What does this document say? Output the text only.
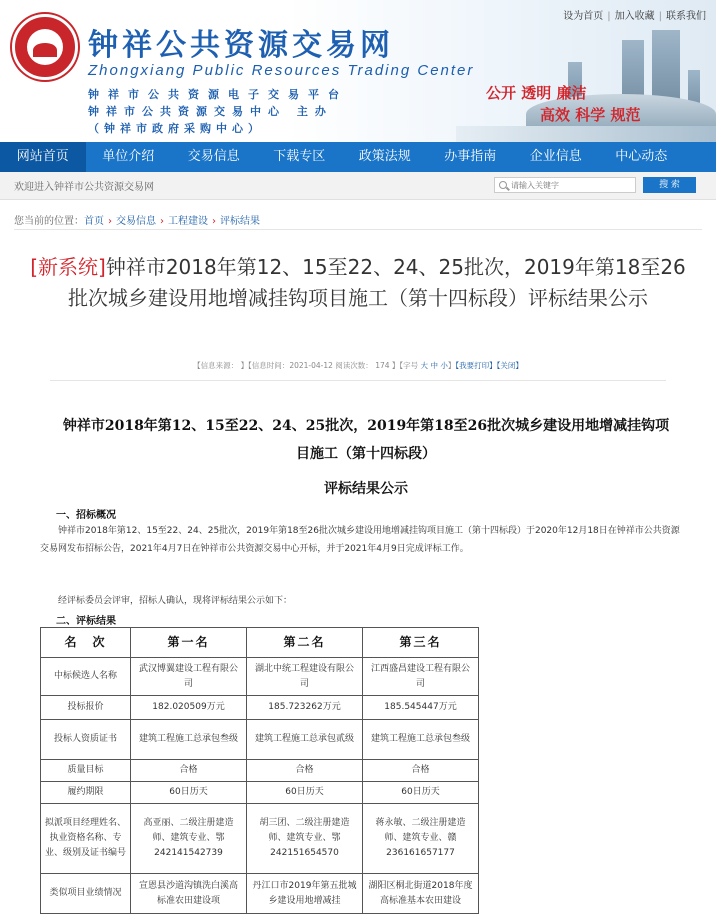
设为首页 | 加入收藏 | 联系我们
钟祥公共资源交易网
Zhongxiang Public Resources Trading Center
钟祥市公共资源电子交易平台
钟祥市公共资源交易中心 主办
（钟祥市政府采购中心）
公开 透明 廉洁
高效 科学 规范
网站首页	单位介绍	交易信息	下载专区	政策法规	办事指南	企业信息	中心动态
欢迎进入钟祥市公共资源交易网
请输入关键字	搜 索
您当前的位置：首页 › 交易信息 › 工程建设 › 评标结果
[新系统]钟祥市2018年第12、15至22、24、25批次，2019年第18至26批次城乡建设用地增减挂钩项目施工（第十四标段）评标结果公示
【信息来源： 】【信息时间：2021-04-12 阅读次数： 174 】【字号 大 中 小】【我要打印】【关闭】
钟祥市2018年第12、15至22、24、25批次，2019年第18至26批次城乡建设用地增减挂钩项目施工（第十四标段）
评标结果公示
一、招标概况

钟祥市2018年第12、15至22、24、25批次，2019年第18至26批次城乡建设用地增减挂钩项目施工（第十四标段）于2020年12月18日在钟祥市公共资源交易网发布招标公告，2021年4月7日在钟祥市公共资源交易中心开标，并于2021年4月9日完成评标工作。

经评标委员会评审，招标人确认，现将评标结果公示如下：

二、评标结果
名　次	第一名	第二名	第三名
中标候选人名称	武汉博翼建设工程有限公司	湖北中统工程建设有限公司	江西盛昌建设工程有限公司
投标报价	182.020509万元	185.723262万元	185.545447万元
投标人资质证书	建筑工程施工总承包叁级	建筑工程施工总承包贰级	建筑工程施工总承包叁级
质量目标	合格	合格	合格
履约期限	60日历天	60日历天	60日历天
拟派项目经理姓名、执业资格名称、专业、级别及证书编号	高亚丽、二级注册建造师、建筑专业、鄂242141542739	胡三团、二级注册建造师、建筑专业、鄂242151654570	蒋永敏、二级注册建造师、建筑专业、赣236161657177
类似项目业绩情况	宣恩县沙道沟镇洗白溪高标准农田建设项	丹江口市2019年第五批城乡建设用地增减挂	湖阳区桐北街道2018年度高标准基本农田建设
